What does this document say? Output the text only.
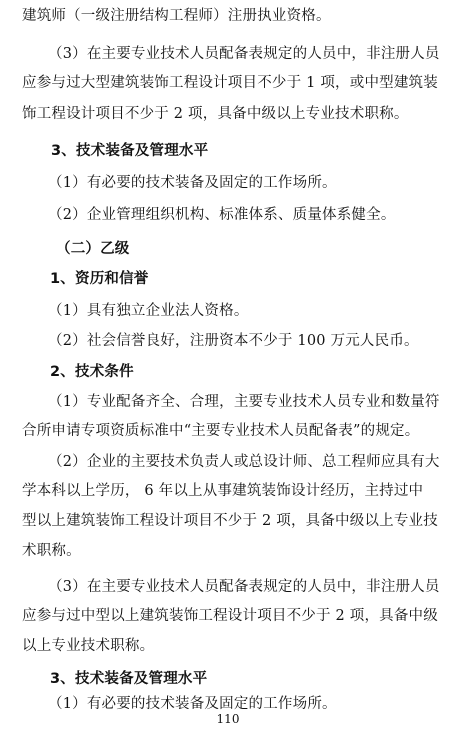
建筑师（一级注册结构工程师）注册执业资格。
（3）在主要专业技术人员配备表规定的人员中，非注册人员
应参与过大型建筑装饰工程设计项目不少于 1 项，或中型建筑装
饰工程设计项目不少于 2 项，具备中级以上专业技术职称。
3、技术装备及管理水平
（1）有必要的技术装备及固定的工作场所。
（2）企业管理组织机构、标准体系、质量体系健全。
（二）乙级
1、资历和信誉
（1）具有独立企业法人资格。
（2）社会信誉良好，注册资本不少于 100 万元人民币。
2、技术条件
（1）专业配备齐全、合理，主要专业技术人员专业和数量符
合所申请专项资质标准中“主要专业技术人员配备表”的规定。
（2）企业的主要技术负责人或总设计师、总工程师应具有大
学本科以上学历， 6 年以上从事建筑装饰设计经历，主持过中
型以上建筑装饰工程设计项目不少于 2 项，具备中级以上专业技
术职称。
（3）在主要专业技术人员配备表规定的人员中，非注册人员
应参与过中型以上建筑装饰工程设计项目不少于 2 项，具备中级
以上专业技术职称。
3、技术装备及管理水平
（1）有必要的技术装备及固定的工作场所。
110
